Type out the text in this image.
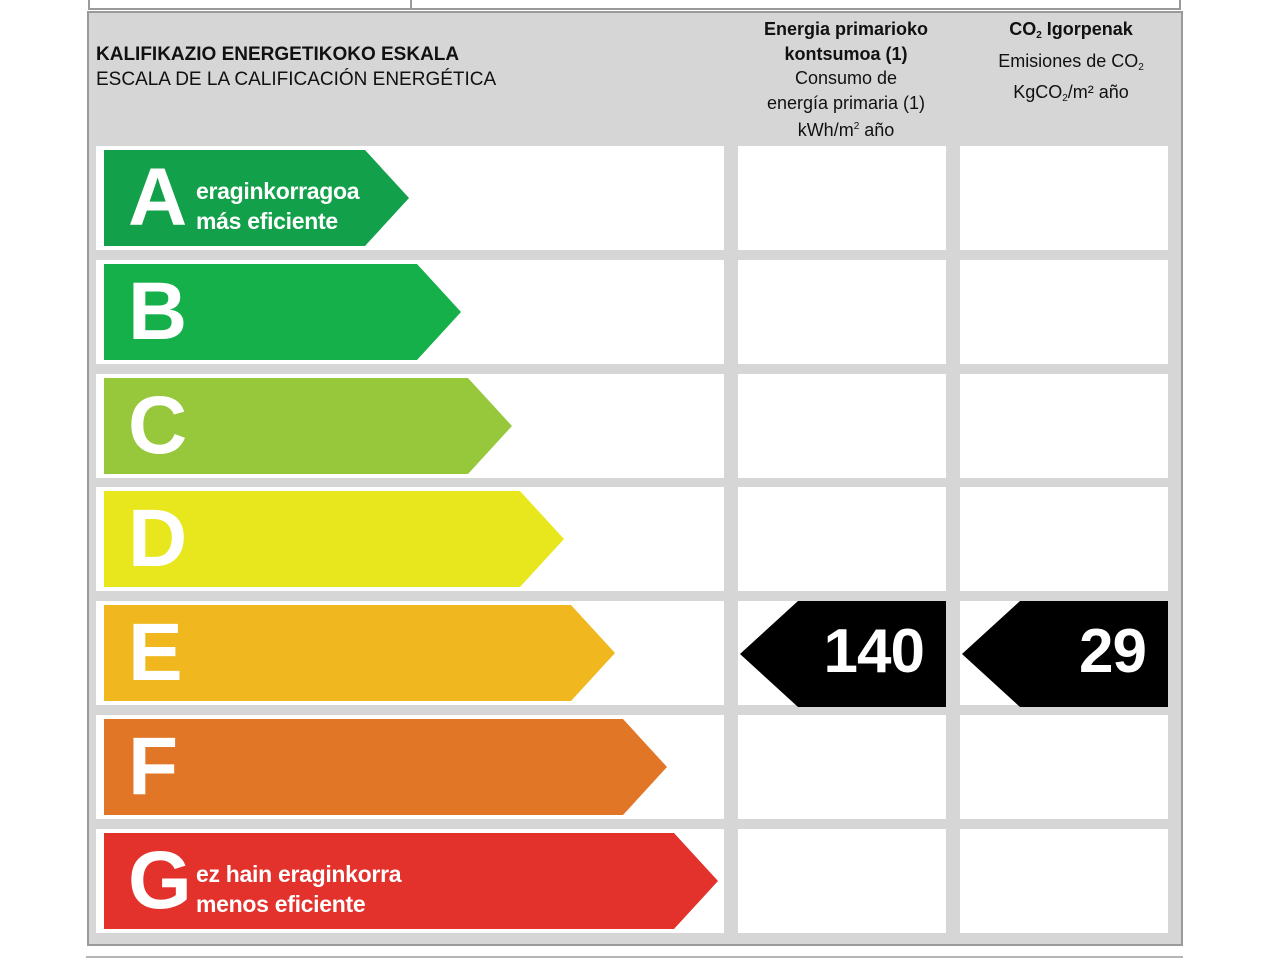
KALIFIKAZIO ENERGETIKOKO ESKALA
ESCALA DE LA CALIFICACIÓN ENERGÉTICA
Energia primarioko
kontsumoa (1)
Consumo de
energía primaria (1)
kWh/$m^2$ año
$CO_2$ Igorpenak
Emisiones de $CO_2$
KgCO$_2$/m² año
A eraginkorragoa
más eficiente
B
C
D
E	140	29
F
G ez hain eraginkorra
menos eficiente
